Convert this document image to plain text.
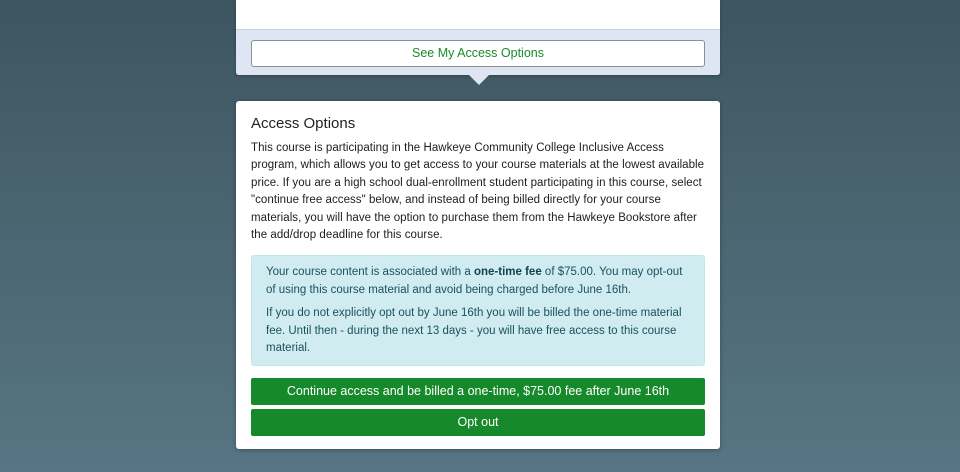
See My Access Options
Access Options

This course is participating in the Hawkeye Community College Inclusive Access program, which allows you to get access to your course materials at the lowest available price. If you are a high school dual-enrollment student participating in this course, select "continue free access" below, and instead of being billed directly for your course materials, you will have the option to purchase them from the Hawkeye Bookstore after the add/drop deadline for this course.

Your course content is associated with a one-time fee of $75.00. You may opt-out of using this course material and avoid being charged before June 16th.

If you do not explicitly opt out by June 16th you will be billed the one-time material fee. Until then - during the next 13 days - you will have free access to this course material.

Continue access and be billed a one-time, $75.00 fee after June 16th
Opt out
